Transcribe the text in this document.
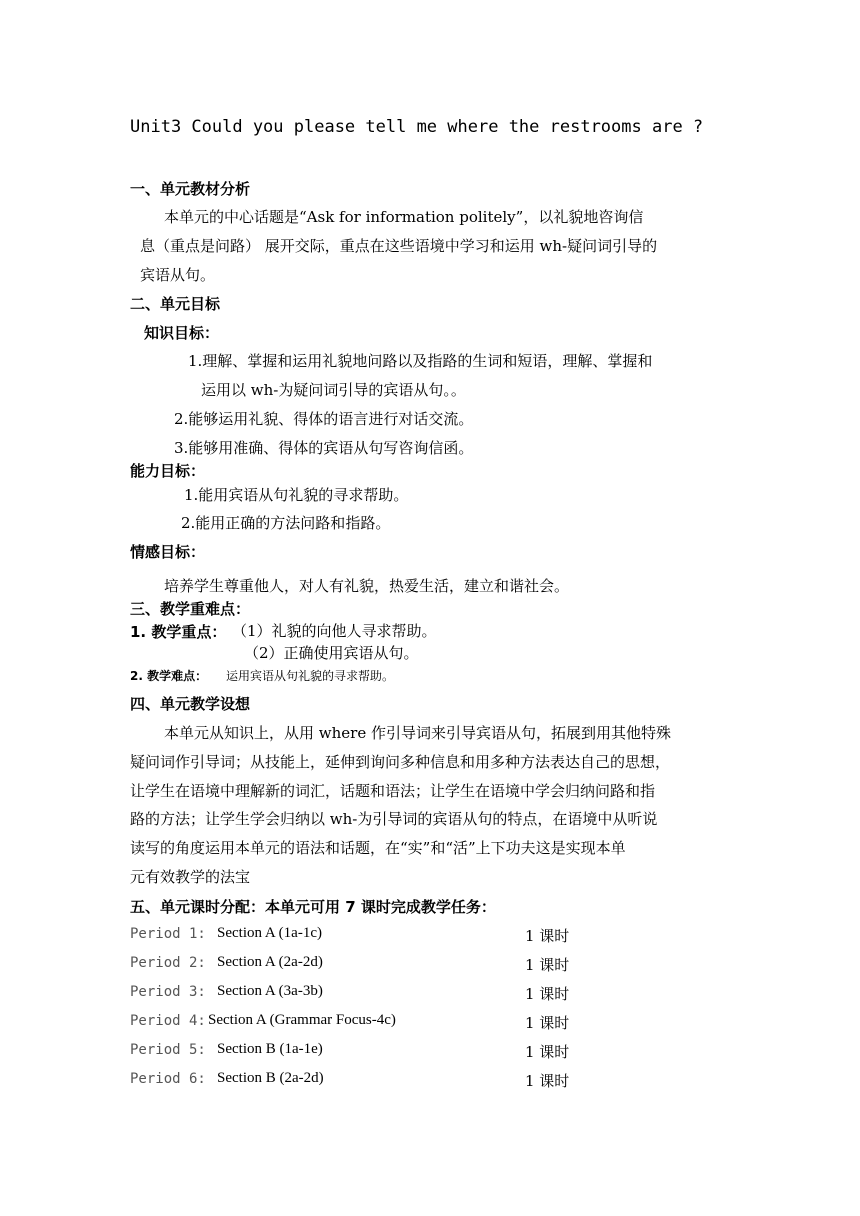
Unit3 Could you please tell me where the restrooms are ?
一、单元教材分析
本单元的中心话题是“Ask for information politely”，以礼貌地咨询信
息（重点是问路） 展开交际，重点在这些语境中学习和运用 wh-疑问词引导的
宾语从句。
二、单元目标
知识目标：
1.理解、掌握和运用礼貌地问路以及指路的生词和短语，理解、掌握和
运用以 wh-为疑问词引导的宾语从句。。
2.能够运用礼貌、得体的语言进行对话交流。
3.能够用准确、得体的宾语从句写咨询信函。
能力目标：
1.能用宾语从句礼貌的寻求帮助。
2.能用正确的方法问路和指路。
情感目标：
培养学生尊重他人，对人有礼貌，热爱生活，建立和谐社会。
三、教学重难点：
1. 教学重点： （1）礼貌的向他人寻求帮助。
（2）正确使用宾语从句。
2. 教学难点： 运用宾语从句礼貌的寻求帮助。
四、单元教学设想
本单元从知识上，从用 where 作引导词来引导宾语从句，拓展到用其他特殊
疑问词作引导词；从技能上，延伸到询问多种信息和用多种方法表达自己的思想，
让学生在语境中理解新的词汇，话题和语法；让学生在语境中学会归纳问路和指
路的方法；让学生学会归纳以 wh-为引导词的宾语从句的特点，在语境中从听说
读写的角度运用本单元的语法和话题，在“实”和“活”上下功夫这是实现本单
元有效教学的法宝
五、单元课时分配：本单元可用 7 课时完成教学任务：
Period 1: Section A (1a-1c)	1 课时
Period 2: Section A (2a-2d)	1 课时
Period 3: Section A (3a-3b)	1 课时
Period 4: Section A (Grammar Focus-4c)	1 课时
Period 5: Section B (1a-1e)	1 课时
Period 6: Section B (2a-2d)	1 课时
